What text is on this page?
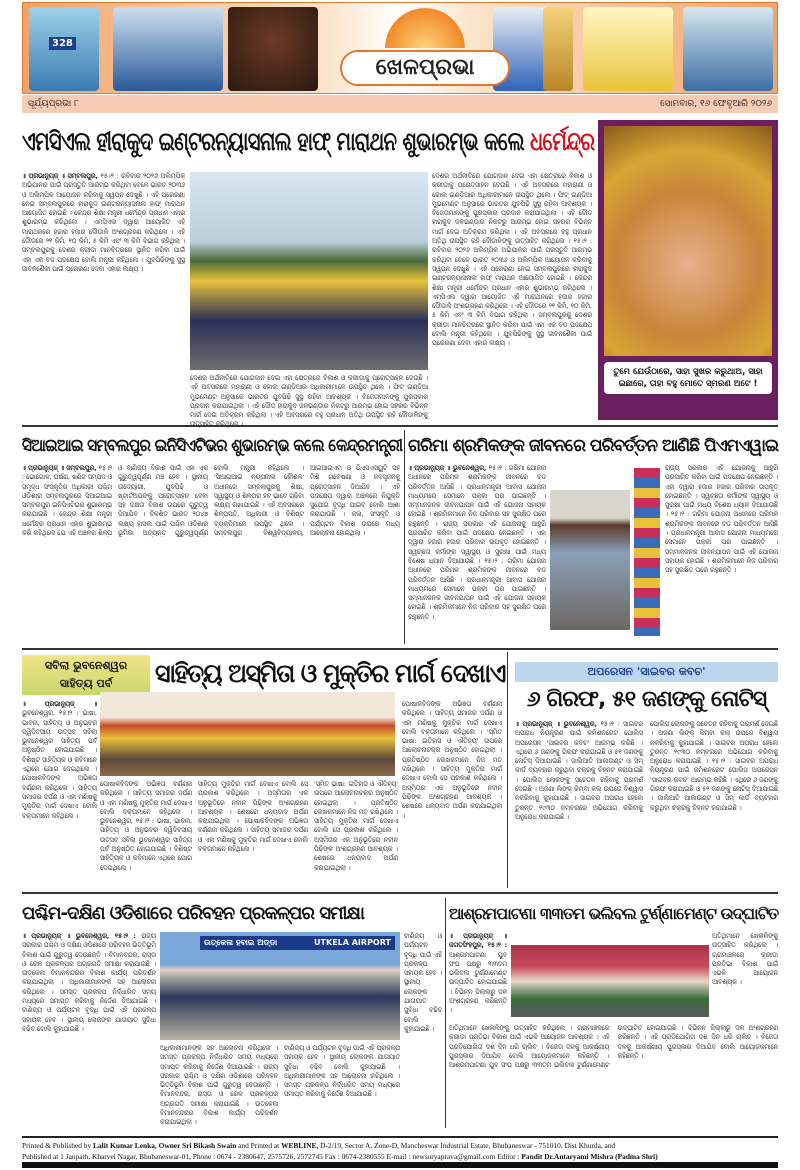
328
ଖେଳପ୍ରଭା
ସୂର୍ଯ୍ୟପ୍ରଭା ୮	ସୋମବାର, ୧୬ ଫେବୃଆରି ୨୦୨୬
ଏମସିଏଲ ହୀରାକୁଦ ଇଣ୍ଟରନ୍ୟାସନାଲ ହାଫ୍ ମାରାଥନ ଶୁଭାରମ୍ଭ କଲେ ଧର୍ମେନ୍ଦ୍ର
॥ ପ୍ରଭାନ୍ୟୁଜ୍ ॥ ସମ୍ବଲପୁର, ୧୫।୨ : ରବିବାର ୨୦୨୬ ଅଲିମ୍ପିକ ଅଭିଯାନର ପାଇଁ ପ୍ରସ୍ତୁତି ଆରମ୍ଭ କରିଥିବା ବେଳେ ଭାରତ ୨୦୩୬ ଓ ଅଲିମ୍ପିକ ଆୟୋଜନ କରିବାକୁ ସ୍ୱପ୍ନ ଦେଖୁଛି । ଏହି ପ୍ରେରଣା ନେଇ ସମ୍ବଲପୁରରେ ହୀରାକୁଦ ଇଣ୍ଟରନ୍ୟାସନାଲ ହାଫ୍ ମାରାଥନ ଆୟୋଜିତ ହୋଇଛି । କେନ୍ଦ୍ର ଶିକ୍ଷା ମନ୍ତ୍ରୀ ଧର୍ମେନ୍ଦ୍ର ପ୍ରଧାନ ଏହାର ଶୁଭାରମ୍ଭ କରିଥିଲେ । ଏମସିଏଲ ଦ୍ୱାରା ଆୟୋଜିତ ଏହି ମାରାଥନରେ ହଜାର ହଜାର ଦୌଡାଳି ଅଂଶଗ୍ରହଣ କରିଥିଲେ । ଏହି ଦୌଡରେ ୨୧ କିମି, ୧୦ କିମି, ୫ କିମି ଏବଂ ୩ କିମି ବିଭାଗ ରହିଥିଲା । ସମ୍ବଲପୁରକୁ ଦେଶର କ୍ରୀଡା ମାନଚିତ୍ରରେ ସ୍ଥାନିତ କରିବା ପାଇଁ ଏହା ଏକ ବଡ ପଦକ୍ଷେପ ବୋଲି ମନ୍ତ୍ରୀ କହିଥିଲେ । ଯୁବପିଢିଙ୍କୁ ସୁସ୍ଥ ଜୀବନଶୈଳୀ ପାଇଁ ପ୍ରେରଣା ଦେବା ଏହାର ଲକ୍ଷ୍ୟ ।
ଦେଶର ଅର୍ଥନୀତିରେ ଯୋଗଦାନ ଦେଇ ଏହା କ୍ଷେତ୍ରରେ ବିକାଶ ଓ କ୍ରୀଡାକୁ ପ୍ରୋତ୍ସାହନ ଦେଉଛି । ଏହି ଅବସରରେ ମହାରାଣୀ ଓ କୋଲ ଇଣ୍ଡିଆର ଅଧିକାରୀମାନେ ଉପସ୍ଥିତ ଥିଲେ । ଫିଟ୍ ଇଣ୍ଡିଆ ମୁଭମେଣ୍ଟ ଅନୁସାରେ ଭାରତର ଯୁବପିଢି ସୁସ୍ଥ ରହିବା ଆବଶ୍ୟକ । ବିଜେତାମାନଙ୍କୁ ପୁରସ୍କାର ପ୍ରଦାନ କରାଯାଇଥିଲା । ଏହି ଦୌଡ ହୀରାକୁଦ ଜଳଭଣ୍ଡାର ନିକଟରୁ ଆରମ୍ଭ ହୋଇ ସହରର ବିଭିନ୍ନ ମାର୍ଗ ଦେଇ ଅତିକ୍ରମ କରିଥିଲା । ଏହି ଅବସରରେ ବହୁ ପ୍ରଧାନ ଅତିଥି ଉପସ୍ଥିତ ରହି ଦୌଡାଳିଙ୍କୁ
ଦେଶର ଅର୍ଥନୀତିରେ ଯୋଗଦାନ ଦେଇ ଏହା କ୍ଷେତ୍ରରେ ବିକାଶ ଓ କ୍ରୀଡାକୁ ପ୍ରୋତ୍ସାହନ ଦେଉଛି । ଏହି ଅବସରରେ ମହାରାଣୀ ଓ କୋଲ ଇଣ୍ଡିଆର ଅଧିକାରୀମାନେ ଉପସ୍ଥିତ ଥିଲେ । ଫିଟ୍ ଇଣ୍ଡିଆ ମୁଭମେଣ୍ଟ ଅନୁସାରେ ଭାରତର ଯୁବପିଢି ସୁସ୍ଥ ରହିବା ଆବଶ୍ୟକ । ବିଜେତାମାନଙ୍କୁ ପୁରସ୍କାର ପ୍ରଦାନ କରାଯାଇଥିଲା । ଏହି ଦୌଡ ହୀରାକୁଦ ଜଳଭଣ୍ଡାର ନିକଟରୁ ଆରମ୍ଭ ହୋଇ ସହରର ବିଭିନ୍ନ ମାର୍ଗ ଦେଇ ଅତିକ୍ରମ କରିଥିଲା । ଏହି ଅବସରରେ ବହୁ ପ୍ରଧାନ ଅତିଥି ଉପସ୍ଥିତ ରହି ଦୌଡାଳିଙ୍କୁ ଉତ୍ସାହିତ କରିଥିଲେ । ୧୫।୨ : ରବିବାର ୨୦୨୬ ଅଲିମ୍ପିକ ଅଭିଯାନର ପାଇଁ ପ୍ରସ୍ତୁତି ଆରମ୍ଭ କରିଥିବା ବେଳେ ଭାରତ ୨୦୩୬ ଓ ଅଲିମ୍ପିକ ଆୟୋଜନ କରିବାକୁ ସ୍ୱପ୍ନ ଦେଖୁଛି । ଏହି ପ୍ରେରଣା ନେଇ ସମ୍ବଲପୁରରେ ହୀରାକୁଦ ଇଣ୍ଟରନ୍ୟାସନାଲ ହାଫ୍ ମାରାଥନ ଆୟୋଜିତ ହୋଇଛି । କେନ୍ଦ୍ର ଶିକ୍ଷା ମନ୍ତ୍ରୀ ଧର୍ମେନ୍ଦ୍ର ପ୍ରଧାନ ଏହାର ଶୁଭାରମ୍ଭ କରିଥିଲେ । ଏମସିଏଲ ଦ୍ୱାରା ଆୟୋଜିତ ଏହି ମାରାଥନରେ ହଜାର ହଜାର ଦୌଡାଳି ଅଂଶଗ୍ରହଣ କରିଥିଲେ । ଏହି ଦୌଡରେ ୨୧ କିମି, ୧୦ କିମି, ୫ କିମି ଏବଂ ୩ କିମି ବିଭାଗ ରହିଥିଲା । ସମ୍ବଲପୁରକୁ ଦେଶର କ୍ରୀଡା ମାନଚିତ୍ରରେ ସ୍ଥାନିତ କରିବା ପାଇଁ ଏହା ଏକ ବଡ ପଦକ୍ଷେପ ବୋଲି ମନ୍ତ୍ରୀ କହିଥିଲେ । ଯୁବପିଢିଙ୍କୁ ସୁସ୍ଥ ଜୀବନଶୈଳୀ ପାଇଁ ପ୍ରେରଣା ଦେବା ଏହାର ଲକ୍ଷ୍ୟ ।
ତୁମେ ଯେଉଁଠାରେ, ସାହା ସୁଖର କରୁଥାଅ, ସାହା ଇଛାରେ, ତାହା ବହୁ ମୋତେ ସ୍ମରଣ ଅଟେ !
ସିଆଇଆଇ ସମ୍ବଲପୁର ଇନିସିଏଟିଭର ଶୁଭାରମ୍ଭ କଲେ କେନ୍ଦ୍ରମନ୍ତ୍ରୀ
॥ ପ୍ରଭାନ୍ୟୁଜ୍ ॥ ସମ୍ବଲପୁର, ୧୫।୨ : ଭୋଗୋଳ, ଘର୍ଷଣ, ଖଣିଜ ସମ୍ପଦ ଓ ସମୃଦ୍ଧ ସଂସ୍କୃତିର ଅଧିକାରୀ ପଶ୍ଚିମ ଓଡିଶାର ସମ୍ବଲପୁରରେ ସିଆଇଆଇ ସମ୍ବଲପୁର ଇନିସିଏଟିଭର ଶୁଭାରମ୍ଭ କରାଯାଇଛି । କେନ୍ଦ୍ର ଶିକ୍ଷା ମନ୍ତ୍ରୀ ଧର୍ମେନ୍ଦ୍ର ପ୍ରଧାନ ଏହାର ଶୁଭାରମ୍ଭ କରି କହିଥିଲେ ଯେ ଏହି ଅଞ୍ଚଳର ଶିଳ୍ପ ଓ ବାଣିଜ୍ୟ ବିକାଶ ପାଇଁ ଏହା ଏକ ଗୁରୁତ୍ୱପୂର୍ଣ୍ଣ ମଞ୍ଚ ହେବ । ସ୍ଥାନୀୟ ଉଦ୍ୟୋଗୀ, ଯୁବପିଢି ଓ ଷ୍ଟାର୍ଟଅପଙ୍କୁ ପ୍ରୋତ୍ସାହନ ଦେବା ସହ ଦକ୍ଷତା ବିକାଶ ଉପରେ ଗୁରୁତ୍ୱ ଦିଆଯିବ । ବିକଶିତ ଭାରତ ୨୦୪୭ ଲକ୍ଷ୍ୟ ହାସଲ ପାଇଁ ପଶ୍ଚିମ ଓଡିଶାର ଭୂମିକା ଅତ୍ୟନ୍ତ ଗୁରୁତ୍ୱପୂର୍ଣ୍ଣ ବୋଲି ମନ୍ତ୍ରୀ କହିଥିଲେ । 'ସିଆଇଆଇ ନ୍ୟସନାଲ କୌଶଳ' ଅଧୀନରେ ସମ୍ବଲପୁରକୁ ଶିକ୍ଷା, ସ୍ୱାସ୍ଥ୍ୟ ଓ ଶିଳ୍ପର ହବ୍ ଭାବେ ଗଢିବା ଲକ୍ଷ୍ୟ ରଖାଯାଇଛି । ଏହି ଅବସରରେ ଶିଳ୍ପପତି, ଅଧିକାରୀ ଓ ବିଶିଷ୍ଟ ବ୍ୟକ୍ତିମାନେ ଉପସ୍ଥିତ ଥିଲେ । ସମ୍ବଲପୁର ବିଶ୍ୱବିଦ୍ୟାଳୟ, ଆଇଆଇଏମ ଓ ଭିଏସଏସୟୁଟି ସହ ମିଶି ଗବେଷଣା ଓ ନବସୃଜନକୁ ପ୍ରୋତ୍ସାହନ ଦିଆଯିବ । ଏହି ପଦକ୍ଷେପ ଦ୍ୱାରା ଅଞ୍ଚଳରେ ନିଯୁକ୍ତି ସୁଯୋଗ ବୃଦ୍ଧି ପାଇବ ବୋଲି ଆଶା କରାଯାଉଛି । କଳା, ସଂସ୍କୃତି ଓ ପର୍ଯ୍ୟଟନ ବିକାଶ ଉପରେ ମଧ୍ୟ ଆଲୋଚନା ହୋଇଥିଲା ।
ଗରିମା ଶ୍ରମିକଙ୍କ ଜୀବନରେ ପରିବର୍ତ୍ତନ ଆଣିଛି ପିଏମଏୱାଇ
॥ ପ୍ରଭାନ୍ୟୁଜ୍ ॥ ଭୁବନେଶ୍ୱର, ୧୫।୨ : ଗରିମା ଯୋଜନା ଅଧୀନରେ ପରିମଳ ଶ୍ରମିକଙ୍କ ଜୀବନରେ ବଡ ପରିବର୍ତ୍ତନ ଆସିଛି । ପ୍ରଧାନମନ୍ତ୍ରୀ ଆବାସ ଯୋଜନା ମାଧ୍ୟମରେ ସେମାନେ ପକ୍କା ଘର ପାଇଛନ୍ତି । ସମ୍ମାନଜନକ ଜୀବନଯାପନ ପାଇଁ ଏହି ଯୋଜନା ସହାୟକ ହୋଇଛି । ଶ୍ରମିକମାନେ ନିଜ ପରିବାର ସହ ସୁରକ୍ଷିତ ଘରେ ରହୁଛନ୍ତି । ରାଜ୍ୟ ସରକାର ଏହି ଯୋଜନାକୁ ଆହୁରି ପ୍ରସାରିତ କରିବା ପାଇଁ ପଦକ୍ଷେପ ନେଇଛନ୍ତି । ଏହା ଦ୍ୱାରା ହଜାର ହଜାର ପରିବାର ଉପକୃତ ହୋଇଛନ୍ତି । ସ୍ୱଚ୍ଛତା କର୍ମୀଙ୍କ ସ୍ୱାସ୍ଥ୍ୟ ଓ ସୁରକ୍ଷା ପାଇଁ ମଧ୍ୟ ବିଶେଷ ଧ୍ୟାନ ଦିଆଯାଉଛି । ୧୫।୨ : ଗରିମା ଯୋଜନା ଅଧୀନରେ ପରିମଳ ଶ୍ରମିକଙ୍କ ଜୀବନରେ ବଡ ପରିବର୍ତ୍ତନ ଆସିଛି । ପ୍ରଧାନମନ୍ତ୍ରୀ ଆବାସ ଯୋଜନା ମାଧ୍ୟମରେ ସେମାନେ ପକ୍କା ଘର ପାଇଛନ୍ତି । ସମ୍ମାନଜନକ ଜୀବନଯାପନ ପାଇଁ ଏହି ଯୋଜନା ସହାୟକ ହୋଇଛି । ଶ୍ରମିକମାନେ ନିଜ ପରିବାର ସହ ସୁରକ୍ଷିତ ଘରେ ରହୁଛନ୍ତି ।
ରାଜ୍ୟ ସରକାର ଏହି ଯୋଜନାକୁ ଆହୁରି ପ୍ରସାରିତ କରିବା ପାଇଁ ପଦକ୍ଷେପ ନେଇଛନ୍ତି । ଏହା ଦ୍ୱାରା ହଜାର ହଜାର ପରିବାର ଉପକୃତ ହୋଇଛନ୍ତି । ସ୍ୱଚ୍ଛତା କର୍ମୀଙ୍କ ସ୍ୱାସ୍ଥ୍ୟ ଓ ସୁରକ୍ଷା ପାଇଁ ମଧ୍ୟ ବିଶେଷ ଧ୍ୟାନ ଦିଆଯାଉଛି । ୧୫।୨ : ଗରିମା ଯୋଜନା ଅଧୀନରେ ପରିମଳ ଶ୍ରମିକଙ୍କ ଜୀବନରେ ବଡ ପରିବର୍ତ୍ତନ ଆସିଛି । ପ୍ରଧାନମନ୍ତ୍ରୀ ଆବାସ ଯୋଜନା ମାଧ୍ୟମରେ ସେମାନେ ପକ୍କା ଘର ପାଇଛନ୍ତି । ସମ୍ମାନଜନକ ଜୀବନଯାପନ ପାଇଁ ଏହି ଯୋଜନା ସହାୟକ ହୋଇଛି । ଶ୍ରମିକମାନେ ନିଜ ପରିବାର ସହ ସୁରକ୍ଷିତ ଘରେ ରହୁଛନ୍ତି ।
ସବିଲା ଭୁବନେଶ୍ୱର ସାହିତ୍ୟ ପର୍ବ	ସାହିତ୍ୟ ଅସ୍ମିତା ଓ ମୁକ୍ତିର ମାର୍ଗ ଦେଖାଏ
॥ ପ୍ରଭାନ୍ୟୁଜ୍ ॥ ଭୁବନେଶ୍ୱର, ୧୫।୨ : ଭାଷା, ଭାବନା, ସାହିତ୍ୟ ଓ ଅନୁଭବର ଦ୍ୱିଦିବସୀୟ ଉତ୍ସବ ସବିଲା ଭୁବନେଶ୍ୱର ସାହିତ୍ୟ ପର୍ବ ଅନୁଷ୍ଠିତ ହୋଇଯାଇଛି । ବିଶିଷ୍ଟ ସାହିତ୍ୟିକ ଓ କବିମାନେ ଏଥିରେ ଯୋଗ ଦେଇଥିଲେ । ପୋଷାକବିଦଙ୍କ ଅଭିଜ୍ଞତା ବର୍ଣ୍ଣନା କରିଥିଲେ । ସାହିତ୍ୟ ସମାଜର ଦର୍ପଣ ଓ ଏହା ମଣିଷକୁ ମୁକ୍ତିର ମାର୍ଗ ଦେଖାଏ ବୋଲି ବକ୍ତାମାନେ କହିଥିଲେ ।
ପୋଷାକବିଦଙ୍କ ଅଭିଜ୍ଞତା ବର୍ଣ୍ଣନା କରିଥିଲେ । ସାହିତ୍ୟ ସମାଜର ଦର୍ପଣ ଓ ଏହା ମଣିଷକୁ ମୁକ୍ତିର ମାର୍ଗ ଦେଖାଏ ବୋଲି ବକ୍ତାମାନେ କହିଥିଲେ । ଭୁବନେଶ୍ୱର, ୧୫।୨ : ଭାଷା, ଭାବନା, ସାହିତ୍ୟ ଓ ଅନୁଭବର ଦ୍ୱିଦିବସୀୟ ଉତ୍ସବ ସବିଲା ଭୁବନେଶ୍ୱର ସାହିତ୍ୟ ପର୍ବ ଅନୁଷ୍ଠିତ ହୋଇଯାଇଛି । ବିଶିଷ୍ଟ ସାହିତ୍ୟିକ ଓ କବିମାନେ ଏଥିରେ ଯୋଗ ଦେଇଥିଲେ ।
ସାହିତ୍ୟ ମୁକ୍ତିର ମାର୍ଗ ଦେଖାଏ ବୋଲି ସେ ପ୍ରକାଶ କରିଥିଲେ । ଅସ୍ମିତାର ଏକ ଅନୁଭୂତିରେ ନବୀନ ପିଢିଙ୍କ ଅଂଶଗ୍ରହଣ ଆବଶ୍ୟକ । ଶେଷରେ ଧନ୍ୟବାଦ ଅର୍ପଣ କରାଯାଇଥିଲା । ପୋଷାକବିଦଙ୍କ ଅଭିଜ୍ଞତା ବର୍ଣ୍ଣନା କରିଥିଲେ । ସାହିତ୍ୟ ସମାଜର ଦର୍ପଣ ଓ ଏହା ମଣିଷକୁ ମୁକ୍ତିର ମାର୍ଗ ଦେଖାଏ ବୋଲି ବକ୍ତାମାନେ କହିଥିଲେ ।
'ସ୍ମିତ ଭାଷା: ଇତିହାସ ଓ ଐତିହ୍ୟ' ଉପରେ ଆଲୋଚନାଚକ୍ର ଅନୁଷ୍ଠିତ ହୋଇଥିଲା । ପ୍ରତିଷ୍ଠିତ ଲେଖକମାନେ ନିଜ ମତ ରଖିଥିଲେ । ସାହିତ୍ୟ ମୁକ୍ତିର ମାର୍ଗ ଦେଖାଏ ବୋଲି ସେ ପ୍ରକାଶ କରିଥିଲେ । ଅସ୍ମିତାର ଏକ ଅନୁଭୂତିରେ ନବୀନ ପିଢିଙ୍କ ଅଂଶଗ୍ରହଣ ଆବଶ୍ୟକ । ଶେଷରେ ଧନ୍ୟବାଦ ଅର୍ପଣ କରାଯାଇଥିଲା ।
ପୋଷାକବିଦଙ୍କ ଅଭିଜ୍ଞତା ବର୍ଣ୍ଣନା କରିଥିଲେ । ସାହିତ୍ୟ ସମାଜର ଦର୍ପଣ ଓ ଏହା ମଣିଷକୁ ମୁକ୍ତିର ମାର୍ଗ ଦେଖାଏ ବୋଲି ବକ୍ତାମାନେ କହିଥିଲେ । 'ସ୍ମିତ ଭାଷା: ଇତିହାସ ଓ ଐତିହ୍ୟ' ଉପରେ ଆଲୋଚନାଚକ୍ର ଅନୁଷ୍ଠିତ ହୋଇଥିଲା । ପ୍ରତିଷ୍ଠିତ ଲେଖକମାନେ ନିଜ ମତ ରଖିଥିଲେ । ସାହିତ୍ୟ ମୁକ୍ତିର ମାର୍ଗ ଦେଖାଏ ବୋଲି ସେ ପ୍ରକାଶ କରିଥିଲେ । ଅସ୍ମିତାର ଏକ ଅନୁଭୂତିରେ ନବୀନ ପିଢିଙ୍କ ଅଂଶଗ୍ରହଣ ଆବଶ୍ୟକ । ଶେଷରେ ଧନ୍ୟବାଦ ଅର୍ପଣ କରାଯାଇଥିଲା ।
ଅପରେସନ 'ସାଇବର କବଚ'
୬ ଗିରଫ, ୫୧ ଜଣଙ୍କୁ ନୋଟିସ୍
॥ ପ୍ରଭାନ୍ୟୁଜ୍ ॥ ଭୁବନେଶ୍ୱର, ୧୫।୨ : ସାଇବର ଅପରାଧ ନିୟନ୍ତ୍ରଣ ପାଇଁ କମିଶନରେଟ ପୋଲିସ ଅପରେସନ 'ସାଇବର କବଚ' ଆରମ୍ଭ କରିଛି । ଏଥିରେ ୬ ଜଣଙ୍କୁ ଗିରଫ କରାଯାଇଛି ଓ ୫୧ ଜଣଙ୍କୁ ନୋଟିସ୍ ଦିଆଯାଇଛି । ଜାଲିଆତି ଆକାଉଣ୍ଟ ଓ ସିମ୍ କାର୍ଡ ବ୍ୟବହାର କରୁଥିବା ଚକ୍ରକୁ ଚିହ୍ନଟ କରାଯାଇଛି । ପୋଲିସ ଲୋକଙ୍କୁ ସଚେତନ ରହିବାକୁ ପରାମର୍ଶ ଦେଇଛି । ଅଜଣା ଲିଙ୍କ୍ କିମ୍ବା କଲ୍ ଉପରେ ବିଶ୍ୱାସ ନକରିବାକୁ କୁହାଯାଇଛି । ସାଇବର ଅପରାଧ ହେଲେ ତୁରନ୍ତ ୧୯୩୦ ନମ୍ବରରେ ଅଭିଯୋଗ କରିବାକୁ ଅନୁରୋଧ କରାଯାଇଛି ।
ପୋଲିସ ଲୋକଙ୍କୁ ସଚେତନ ରହିବାକୁ ପରାମର୍ଶ ଦେଇଛି । ଅଜଣା ଲିଙ୍କ୍ କିମ୍ବା କଲ୍ ଉପରେ ବିଶ୍ୱାସ ନକରିବାକୁ କୁହାଯାଇଛି । ସାଇବର ଅପରାଧ ହେଲେ ତୁରନ୍ତ ୧୯୩୦ ନମ୍ବରରେ ଅଭିଯୋଗ କରିବାକୁ ଅନୁରୋଧ କରାଯାଇଛି । ୧୫।୨ : ସାଇବର ଅପରାଧ ନିୟନ୍ତ୍ରଣ ପାଇଁ କମିଶନରେଟ ପୋଲିସ ଅପରେସନ 'ସାଇବର କବଚ' ଆରମ୍ଭ କରିଛି । ଏଥିରେ ୬ ଜଣଙ୍କୁ ଗିରଫ କରାଯାଇଛି ଓ ୫୧ ଜଣଙ୍କୁ ନୋଟିସ୍ ଦିଆଯାଇଛି । ଜାଲିଆତି ଆକାଉଣ୍ଟ ଓ ସିମ୍ କାର୍ଡ ବ୍ୟବହାର କରୁଥିବା ଚକ୍ରକୁ ଚିହ୍ନଟ କରାଯାଇଛି ।
ପଶ୍ଚିମ-ଦକ୍ଷିଣ ଓଡିଶାରେ ପରିବହନ ପ୍ରକଳ୍ପର ସମୀକ୍ଷା
॥ ପ୍ରଭାନ୍ୟୁଜ୍ ॥ ଭୁବନେଶ୍ୱର, ୧୫।୨ : ରାଜ୍ୟ ସରକାର ପଶ୍ଚିମ ଓ ଦକ୍ଷିଣ ଓଡିଶାରେ ପରିବହନ ଭିତ୍ତିଭୂମି ବିକାଶ ପାଇଁ ଗୁରୁତ୍ୱ ଦେଉଛନ୍ତି । ବିମାନବନ୍ଦର, ରାସ୍ତା ଓ ରେଳ ପ୍ରକଳ୍ପର ଅଗ୍ରଗତି ସମୀକ୍ଷା କରାଯାଇଛି । ଉତ୍କେଳା ବିମାନବନ୍ଦରର ବିକାଶ କାର୍ଯ୍ୟ ପରିଦର୍ଶନ କରାଯାଇଥିଲା । ଅଧିକାରୀମାନଙ୍କ ସହ ଆଲୋଚନା କରିଥିଲେ । ସମସ୍ତ ପ୍ରକଳ୍ପ ନିର୍ଦ୍ଧାରିତ ସମୟ ମଧ୍ୟରେ ସମାପ୍ତ କରିବାକୁ ନିର୍ଦ୍ଦେଶ ଦିଆଯାଇଛି । ବାଣିଜ୍ୟ ଓ ପର୍ଯ୍ୟଟନ ବୃଦ୍ଧି ପାଇଁ ଏହି ପ୍ରକଳ୍ପ ସହାୟକ ହେବ । ସ୍ଥାନୀୟ ଲୋକଙ୍କ ଯାତାୟାତ ସୁବିଧା ବଢିବ ବୋଲି କୁହାଯାଇଛି ।
ଉତ୍କେଳା ହବାଇ ଅଡ୍ଡା	UTKELA AIRPORT
ଅଧିକାରୀମାନଙ୍କ ସହ ଆଲୋଚନା କରିଥିଲେ । ସମସ୍ତ ପ୍ରକଳ୍ପ ନିର୍ଦ୍ଧାରିତ ସମୟ ମଧ୍ୟରେ ସମାପ୍ତ କରିବାକୁ ନିର୍ଦ୍ଦେଶ ଦିଆଯାଇଛି । ରାଜ୍ୟ ସରକାର ପଶ୍ଚିମ ଓ ଦକ୍ଷିଣ ଓଡିଶାରେ ପରିବହନ ଭିତ୍ତିଭୂମି ବିକାଶ ପାଇଁ ଗୁରୁତ୍ୱ ଦେଉଛନ୍ତି । ବିମାନବନ୍ଦର, ରାସ୍ତା ଓ ରେଳ ପ୍ରକଳ୍ପର ଅଗ୍ରଗତି ସମୀକ୍ଷା କରାଯାଇଛି । ଉତ୍କେଳା ବିମାନବନ୍ଦରର ବିକାଶ କାର୍ଯ୍ୟ ପରିଦର୍ଶନ କରାଯାଇଥିଲା ।
ବାଣିଜ୍ୟ ଓ ପର୍ଯ୍ୟଟନ ବୃଦ୍ଧି ପାଇଁ ଏହି ପ୍ରକଳ୍ପ ସହାୟକ ହେବ । ସ୍ଥାନୀୟ ଲୋକଙ୍କ ଯାତାୟାତ ସୁବିଧା ବଢିବ ବୋଲି କୁହାଯାଇଛି । ଅଧିକାରୀମାନଙ୍କ ସହ ଆଲୋଚନା କରିଥିଲେ । ସମସ୍ତ ପ୍ରକଳ୍ପ ନିର୍ଦ୍ଧାରିତ ସମୟ ମଧ୍ୟରେ ସମାପ୍ତ କରିବାକୁ ନିର୍ଦ୍ଦେଶ ଦିଆଯାଇଛି ।
ବାଣିଜ୍ୟ ଓ ପର୍ଯ୍ୟଟନ ବୃଦ୍ଧି ପାଇଁ ଏହି ପ୍ରକଳ୍ପ ସହାୟକ ହେବ । ସ୍ଥାନୀୟ ଲୋକଙ୍କ ଯାତାୟାତ ସୁବିଧା ବଢିବ ବୋଲି କୁହାଯାଇଛି ।
ଆଶ୍ରମପାଟଣା ୩୩ତମ ଭଲିବଲ ଟୁର୍ଣ୍ଣାମେଣ୍ଟ ଉଦ୍‌ଘାଟିତ
॥ ପ୍ରଭାନ୍ୟୁଜ୍ ॥ ଜଗତସିଂହପୁର, ୧୫।୨ : ଆଶ୍ରମପାଟଣା ଯୁବ ସଂଘ ପକ୍ଷରୁ ୩୩ତମ ଭଲିବଲ ଟୁର୍ଣ୍ଣାମେଣ୍ଟ ଉଦ୍‌ଘାଟିତ ହୋଇଯାଇଛି । ବିଭିନ୍ନ ଜିଲ୍ଲାରୁ ଦଳ ଅଂଶଗ୍ରହଣ କରିଛନ୍ତି ।
ଅତିଥିମାନେ ଖେଳାଳିଙ୍କୁ ଉତ୍ସାହିତ କରିଥିଲେ । ଗ୍ରାମାଞ୍ଚଳରେ କ୍ରୀଡା ପ୍ରତିଭା ବିକାଶ ପାଇଁ ଏଭଳି ଆୟୋଜନ ଆବଶ୍ୟକ ।
ଅତିଥିମାନେ ଖେଳାଳିଙ୍କୁ ଉତ୍ସାହିତ କରିଥିଲେ । ଗ୍ରାମାଞ୍ଚଳରେ କ୍ରୀଡା ପ୍ରତିଭା ବିକାଶ ପାଇଁ ଏଭଳି ଆୟୋଜନ ଆବଶ୍ୟକ । ଏହି ପ୍ରତିଯୋଗିତା ଦଶ ଦିନ ଧରି ଚାଲିବ । ବିଜେତା ଦଳକୁ ଆକର୍ଷଣୀୟ ପୁରସ୍କାର ଦିଆଯିବ ବୋଲି ଆୟୋଜକମାନେ କହିଛନ୍ତି । ଆଶ୍ରମପାଟଣା ଯୁବ ସଂଘ ପକ୍ଷରୁ ୩୩ତମ ଭଲିବଲ ଟୁର୍ଣ୍ଣାମେଣ୍ଟ ଉଦ୍‌ଘାଟିତ ହୋଇଯାଇଛି । ବିଭିନ୍ନ ଜିଲ୍ଲାରୁ ଦଳ ଅଂଶଗ୍ରହଣ କରିଛନ୍ତି । ଏହି ପ୍ରତିଯୋଗିତା ଦଶ ଦିନ ଧରି ଚାଲିବ । ବିଜେତା ଦଳକୁ ଆକର୍ଷଣୀୟ ପୁରସ୍କାର ଦିଆଯିବ ବୋଲି ଆୟୋଜକମାନେ କହିଛନ୍ତି ।
Printed & Published by Lalit Kumar Lenka, Owner Sri Bikash Swain and Printed at WEBLINE, D-2/19, Sector A, Zone-D, Mancheswar Industrial Estate, Bhubaneswar - 751010, Dist Khurda, and
Published at 1 Janpath, Kharvel Nagar, Bhubaneswar-01, Phone : 0674 - 2380647, 2575726, 2572745 Fax : 0674-2380555 E-mail : newsuryaprava@gmail.com Editor : Pandit Dr.Antaryami Mishra (Padma Shri)
